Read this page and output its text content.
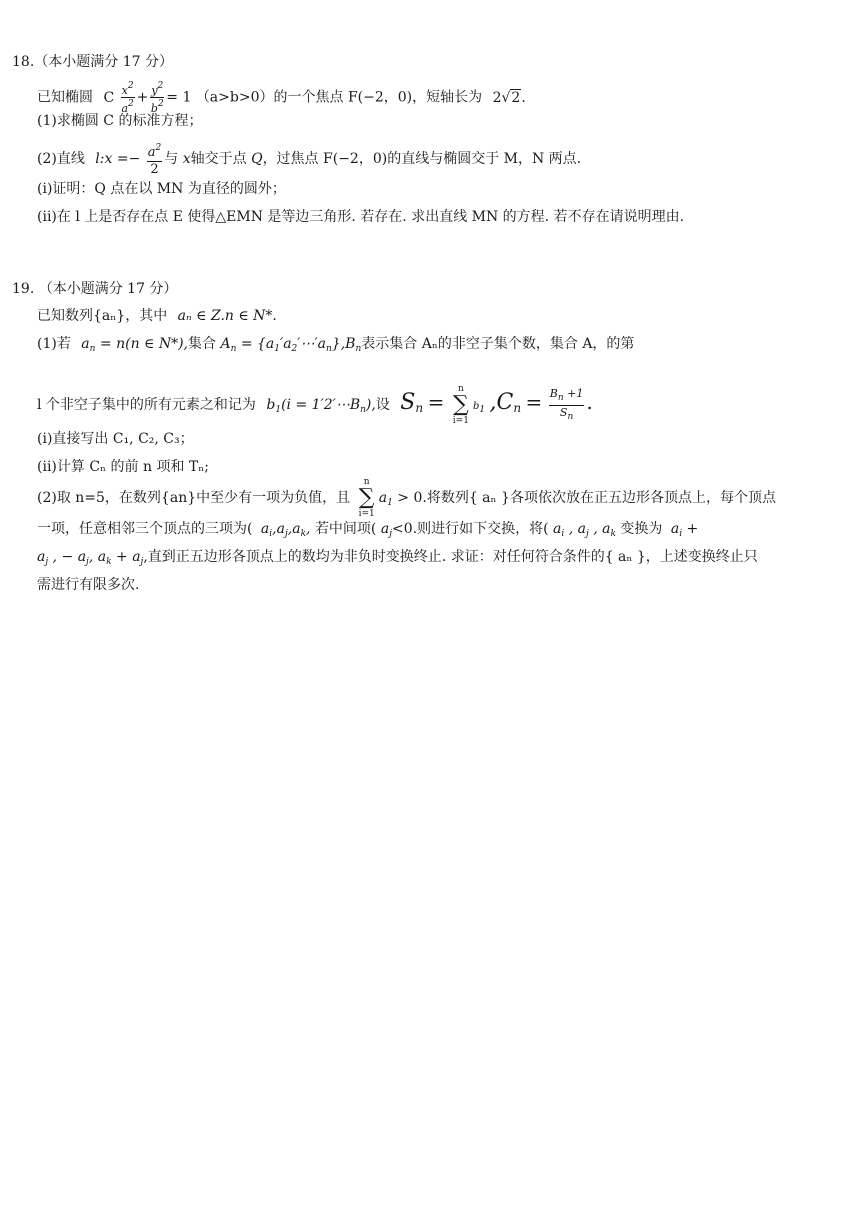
18.（本小题满分 17 分）
已知椭圆 C $\frac{x^2}{a^2} + \frac{y^2}{b^2} = 1$ （a>b>0）的一个焦点 F(−2，0)，短轴长为 2√2.
(1)求椭圆 C 的标准方程；
(2)直线 l:x =− $\frac{a^2}{2}$ 与 x轴交于点 Q，过焦点 F(−2，0)的直线与椭圆交于 M，N 两点.
(i)证明：Q 点在以 MN 为直径的圆外；
(ii)在 l 上是否存在点 E 使得△EMN 是等边三角形. 若存在. 求出直线 MN 的方程. 若不存在请说明理由.
19. （本小题满分 17 分）
已知数列{aₙ}，其中 aₙ ∈ Z.n ∈ N*.
(1)若 $a_n = n(n$ ∈ N*),集合 $A_n$ = $\{a_1'a_2'\cdots'a_n\},B_n$表示集合 Aₙ的非空子集个数，集合 A，的第
l 个非空子集中的所有元素之和记为 $b_1(i$ = $1'2'\cdots B_n$),设 $S_n$ =
n
∑
i=1
b1 $,C_n = \frac{B_n +1}{S_n}$ .
(i)直接写出 C₁, C₂, C₃；
(ii)计算 Cₙ 的前 n 项和 Tₙ;
(2)取 n=5，在数列{an}中至少有一项为负值，且
n
∑
i=1
$a_1 > 0$.将数列{ aₙ }各项依次放在正五边形各顶点上，每个顶点
一项，任意相邻三个顶点的三项为( $a_i,a_j,a_k$, 若中间项( $a_j<0$.则进行如下交换，将( $a_i$ , $a_j$ , $a_k$ 变换为 $a_i$ +
$a_j$ , − $a_j$, $a_k + a_j$,直到正五边形各顶点上的数均为非负时变换终止. 求证：对任何符合条件的{ aₙ }，上述变换终止只
需进行有限多次.
